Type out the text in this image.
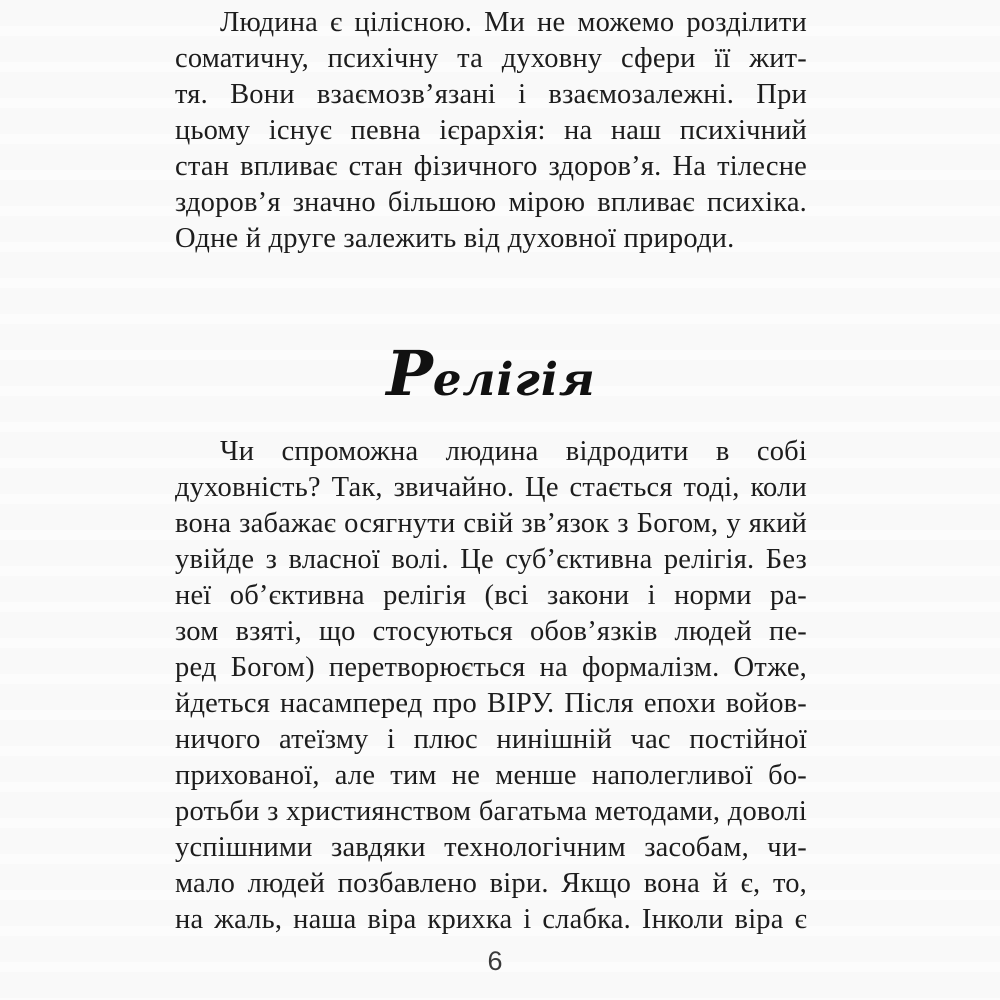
Людина є цілісною. Ми не можемо розділити
соматичну, психічну та духовну сфери її жит-
тя. Вони взаємозв’язані і взаємозалежні. При
цьому існує певна ієрархія: на наш психічний
стан впливає стан фізичного здоров’я. На тілесне
здоров’я значно більшою мірою впливає психіка.
Одне й друге залежить від духовної природи.
Релігія
Чи спроможна людина відродити в собі
духовність? Так, звичайно. Це стається тоді, коли
вона забажає осягнути свій зв’язок з Богом, у який
увійде з власної волі. Це суб’єктивна релігія. Без
неї об’єктивна релігія (всі закони і норми ра-
зом взяті, що стосуються обов’язків людей пе-
ред Богом) перетворюється на формалізм. Отже,
йдеться насамперед про ВІРУ. Після епохи войов-
ничого атеїзму і плюс нинішній час постійної
прихованої, але тим не менше наполегливої бо-
ротьби з християнством багатьма методами, доволі
успішними завдяки технологічним засобам, чи-
мало людей позбавлено віри. Якщо вона й є, то,
на жаль, наша віра крихка і слабка. Інколи віра є
6
